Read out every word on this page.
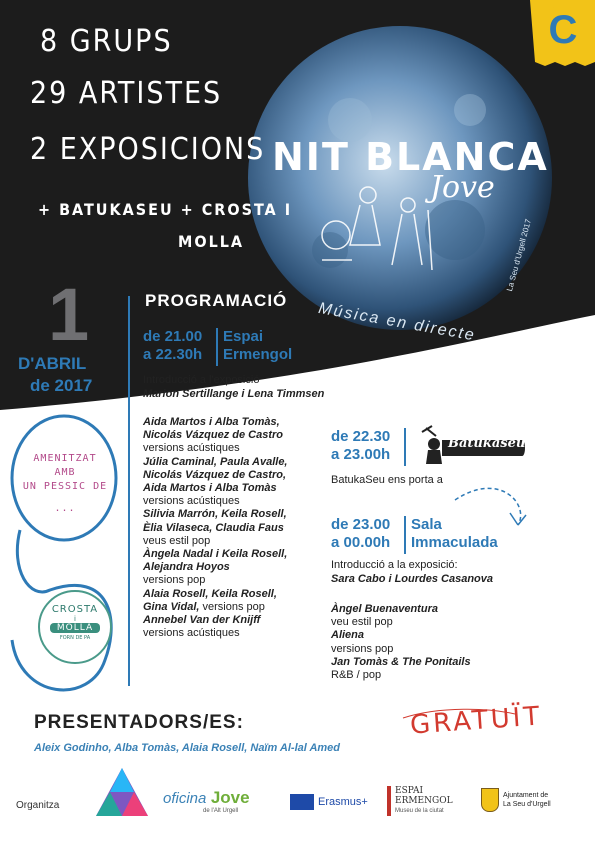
C
8 GRUPS
29 ARTISTES
2 EXPOSICIONS
+ BATUKASEU + CROSTA I
MOLLA
NIT BLANCA
Jove
Música en directe
La Seu d'Urgell 2017
1
D'ABRIL
de 2017
PROGRAMACIÓ
de 21.00
a 22.30h
Espai
Ermengol
Introducció a l'exposició
Marion Sertillange i Lena Timmsen
Aida Martos i Alba Tomàs,
Nicolás Vázquez de Castro
versions acústiques
Júlia Caminal, Paula Avalle,
Nicolás Vázquez de Castro,
Aida Martos i Alba Tomàs
versions acústiques
Silivia Marrón, Keila Rosell,
Èlia Vilaseca, Claudia Faus
veus estil pop
Àngela Nadal i Keila Rosell,
Alejandra Hoyos
versions pop
Alaia Rosell, Keila Rosell,
Gina Vidal, versions pop
Annebel Van der Knijff
versions acústiques
AMENITZAT AMB
UN PESSIC DE
...
CROSTA
i
MOLLA
FORN DE PA
de 22.30
a 23.00h
Batukaseu
BatukaSeu ens porta a
de 23.00
a 00.00h
Sala
Immaculada
Introducció a la exposició:
Sara Cabo i Lourdes Casanova
Àngel Buenaventura
veu estil pop
Aliena
versions pop
Jan Tomàs & The Ponitails
R&B / pop
PRESENTADORS/ES:
Aleix Godinho, Alba Tomàs, Alaia Rosell, Naïm Al-lal Amed
GRATUÏT
Organitza	oficina Jove
de l'Alt Urgell
Erasmus+
ESPAI
ERMENGOL
Museu de la ciutat
Ajuntament de
La Seu d'Urgell
